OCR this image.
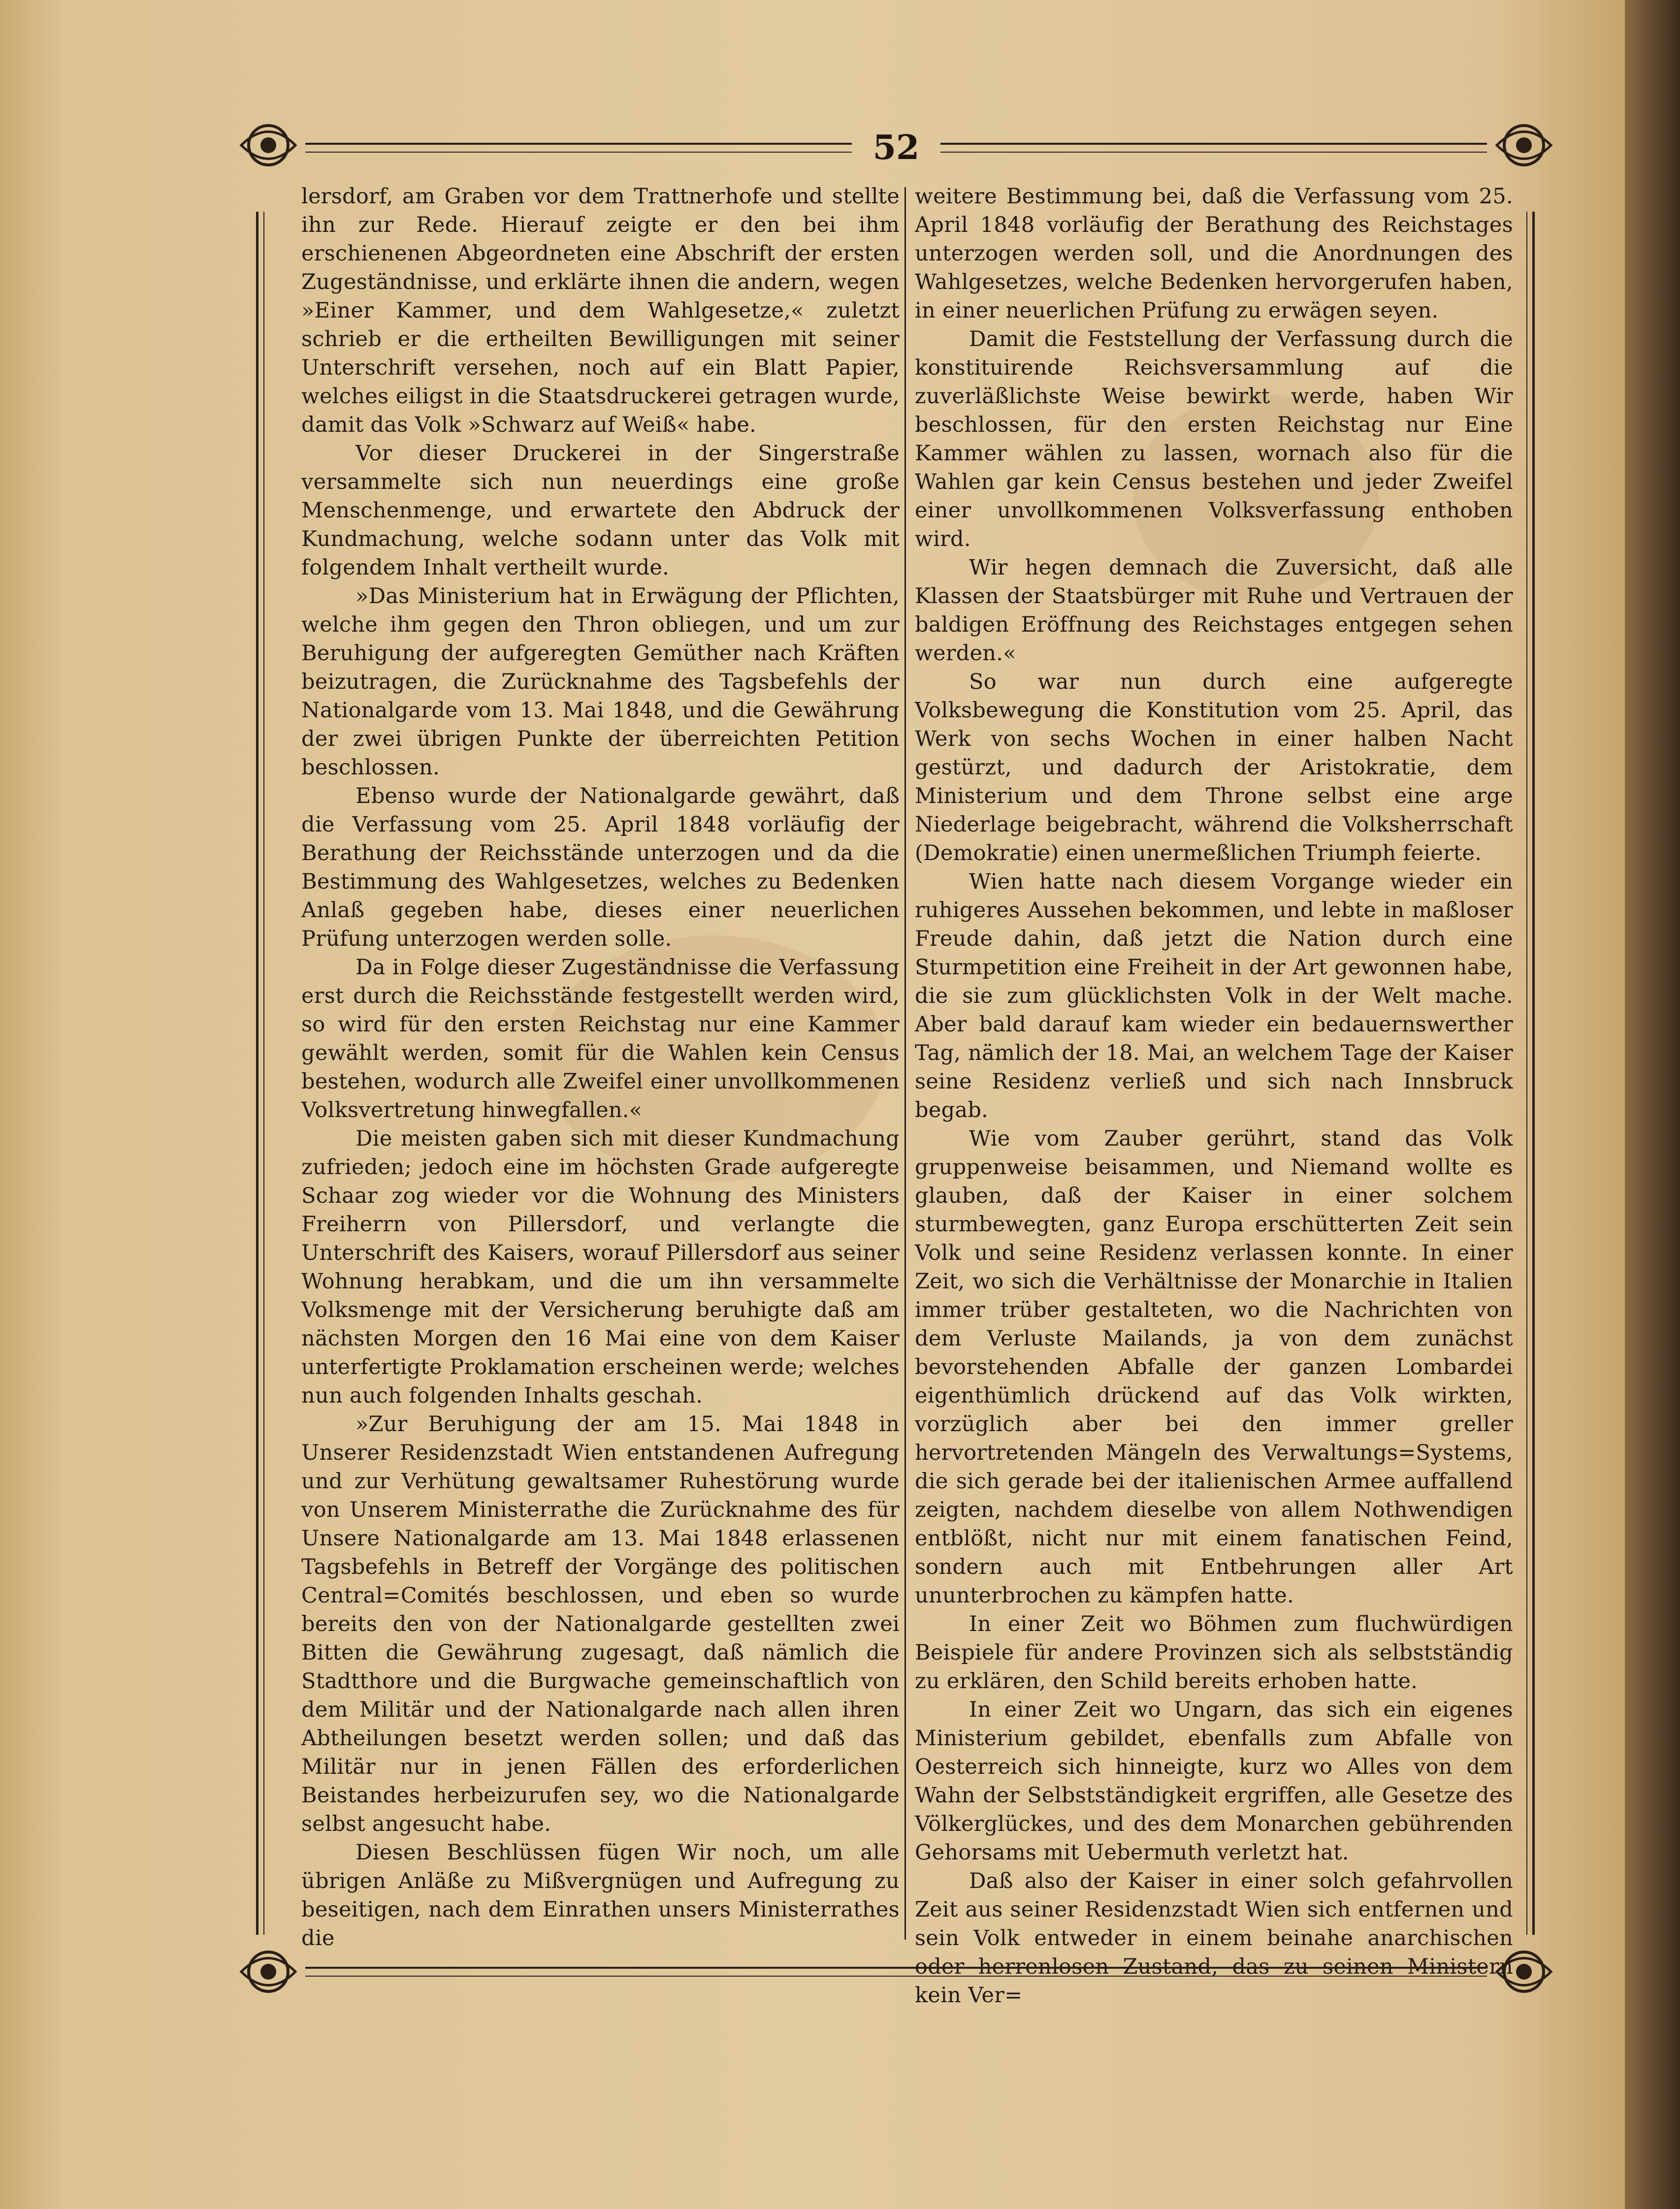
52

lersdorf, am Graben vor dem Trattnerhofe und stellte ihn zur Rede. Hierauf zeigte er den bei ihm erschienenen Abgeordneten eine Abschrift der ersten Zugeständnisse, und erklärte ihnen die andern, wegen »Einer Kammer, und dem Wahlgesetze,« zuletzt schrieb er die ertheilten Bewilligungen mit seiner Unterschrift versehen, noch auf ein Blatt Papier, welches eiligst in die Staatsdruckerei getragen wurde, damit das Volk »Schwarz auf Weiß« habe.

Vor dieser Druckerei in der Singerstraße versammelte sich nun neuerdings eine große Menschenmenge, und erwartete den Abdruck der Kundmachung, welche sodann unter das Volk mit folgendem Inhalt vertheilt wurde.

»Das Ministerium hat in Erwägung der Pflichten, welche ihm gegen den Thron obliegen, und um zur Beruhigung der aufgeregten Gemüther nach Kräften beizutragen, die Zurücknahme des Tagsbefehls der Nationalgarde vom 13. Mai 1848, und die Gewährung der zwei übrigen Punkte der überreichten Petition beschlossen.

Ebenso wurde der Nationalgarde gewährt, daß die Verfassung vom 25. April 1848 vorläufig der Berathung der Reichsstände unterzogen und da die Bestimmung des Wahlgesetzes, welches zu Bedenken Anlaß gegeben habe, dieses einer neuerlichen Prüfung unterzogen werden solle.

Da in Folge dieser Zugeständnisse die Verfassung erst durch die Reichsstände festgestellt werden wird, so wird für den ersten Reichstag nur eine Kammer gewählt werden, somit für die Wahlen kein Census bestehen, wodurch alle Zweifel einer unvollkommenen Volksvertretung hinwegfallen.«

Die meisten gaben sich mit dieser Kundmachung zufrieden; jedoch eine im höchsten Grade aufgeregte Schaar zog wieder vor die Wohnung des Ministers Freiherrn von Pillersdorf, und verlangte die Unterschrift des Kaisers, worauf Pillersdorf aus seiner Wohnung herabkam, und die um ihn versammelte Volksmenge mit der Versicherung beruhigte daß am nächsten Morgen den 16 Mai eine von dem Kaiser unterfertigte Proklamation erscheinen werde; welches nun auch folgenden Inhalts geschah.

»Zur Beruhigung der am 15. Mai 1848 in Unserer Residenzstadt Wien entstandenen Aufregung und zur Verhütung gewaltsamer Ruhestörung wurde von Unserem Ministerrathe die Zurücknahme des für Unsere Nationalgarde am 13. Mai 1848 erlassenen Tagsbefehls in Betreff der Vorgänge des politischen Central=Comités beschlossen, und eben so wurde bereits den von der Nationalgarde gestellten zwei Bitten die Gewährung zugesagt, daß nämlich die Stadtthore und die Burgwache gemeinschaftlich von dem Militär und der Nationalgarde nach allen ihren Abtheilungen besetzt werden sollen; und daß das Militär nur in jenen Fällen des erforderlichen Beistandes herbeizurufen sey, wo die Nationalgarde selbst angesucht habe.

Diesen Beschlüssen fügen Wir noch, um alle übrigen Anläße zu Mißvergnügen und Aufregung zu beseitigen, nach dem Einrathen unsers Ministerrathes die

weitere Bestimmung bei, daß die Verfassung vom 25. April 1848 vorläufig der Berathung des Reichstages unterzogen werden soll, und die Anordnungen des Wahlgesetzes, welche Bedenken hervorgerufen haben, in einer neuerlichen Prüfung zu erwägen seyen.

Damit die Feststellung der Verfassung durch die konstituirende Reichsversammlung auf die zuverläßlichste Weise bewirkt werde, haben Wir beschlossen, für den ersten Reichstag nur Eine Kammer wählen zu lassen, wornach also für die Wahlen gar kein Census bestehen und jeder Zweifel einer unvollkommenen Volksverfassung enthoben wird.

Wir hegen demnach die Zuversicht, daß alle Klassen der Staatsbürger mit Ruhe und Vertrauen der baldigen Eröffnung des Reichstages entgegen sehen werden.«

So war nun durch eine aufgeregte Volksbewegung die Konstitution vom 25. April, das Werk von sechs Wochen in einer halben Nacht gestürzt, und dadurch der Aristokratie, dem Ministerium und dem Throne selbst eine arge Niederlage beigebracht, während die Volksherrschaft (Demokratie) einen unermeßlichen Triumph feierte.

Wien hatte nach diesem Vorgange wieder ein ruhigeres Aussehen bekommen, und lebte in maßloser Freude dahin, daß jetzt die Nation durch eine Sturmpetition eine Freiheit in der Art gewonnen habe, die sie zum glücklichsten Volk in der Welt mache. Aber bald darauf kam wieder ein bedauernswerther Tag, nämlich der 18. Mai, an welchem Tage der Kaiser seine Residenz verließ und sich nach Innsbruck begab.

Wie vom Zauber gerührt, stand das Volk gruppenweise beisammen, und Niemand wollte es glauben, daß der Kaiser in einer solchem sturmbewegten, ganz Europa erschütterten Zeit sein Volk und seine Residenz verlassen konnte. In einer Zeit, wo sich die Verhältnisse der Monarchie in Italien immer trüber gestalteten, wo die Nachrichten von dem Verluste Mailands, ja von dem zunächst bevorstehenden Abfalle der ganzen Lombardei eigenthümlich drückend auf das Volk wirkten, vorzüglich aber bei den immer greller hervortretenden Mängeln des Verwaltungs=Systems, die sich gerade bei der italienischen Armee auffallend zeigten, nachdem dieselbe von allem Nothwendigen entblößt, nicht nur mit einem fanatischen Feind, sondern auch mit Entbehrungen aller Art ununterbrochen zu kämpfen hatte.

In einer Zeit wo Böhmen zum fluchwürdigen Beispiele für andere Provinzen sich als selbstständig zu erklären, den Schild bereits erhoben hatte.

In einer Zeit wo Ungarn, das sich ein eigenes Ministerium gebildet, ebenfalls zum Abfalle von Oesterreich sich hinneigte, kurz wo Alles von dem Wahn der Selbstständigkeit ergriffen, alle Gesetze des Völkerglückes, und des dem Monarchen gebührenden Gehorsams mit Uebermuth verletzt hat.

Daß also der Kaiser in einer solch gefahrvollen Zeit aus seiner Residenzstadt Wien sich entfernen und sein Volk entweder in einem beinahe anarchischen oder herrenlosen Zustand, das zu seinen Ministern kein Ver=
